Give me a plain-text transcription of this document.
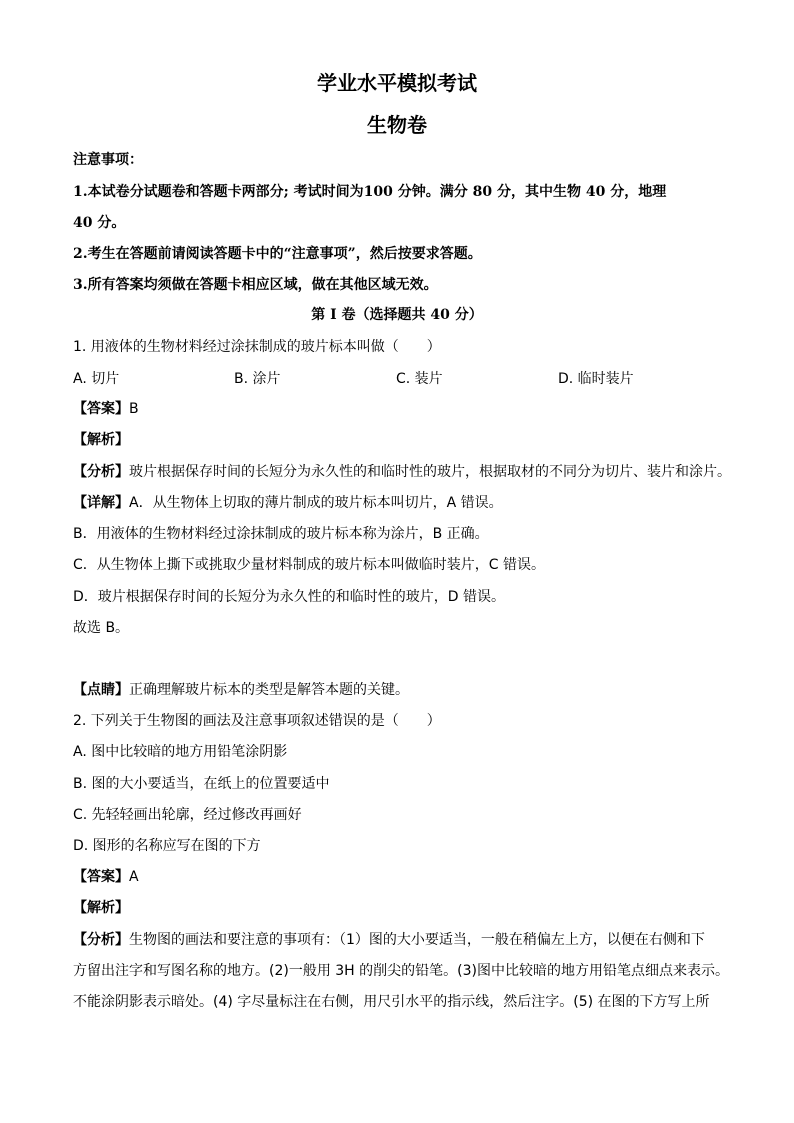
学业水平模拟考试
生物卷
注意事项：
1.本试卷分试题卷和答题卡两部分; 考试时间为100 分钟。满分 80 分，其中生物 40 分，地理
40 分。
2.考生在答题前请阅读答题卡中的“注意事项”，然后按要求答题。
3.所有答案均须做在答题卡相应区域，做在其他区域无效。
第 I 卷（选择题共 40 分）
1. 用液体的生物材料经过涂抹制成的玻片标本叫做（　　）
A. 切片	B. 涂片	C. 装片	D. 临时装片
【答案】B
【解析】
【分析】玻片根据保存时间的长短分为永久性的和临时性的玻片，根据取材的不同分为切片、装片和涂片。
【详解】A．从生物体上切取的薄片制成的玻片标本叫切片，A 错误。
B．用液体的生物材料经过涂抹制成的玻片标本称为涂片，B 正确。
C．从生物体上撕下或挑取少量材料制成的玻片标本叫做临时装片，C 错误。
D．玻片根据保存时间的长短分为永久性的和临时性的玻片，D 错误。
故选 B。
【点睛】正确理解玻片标本的类型是解答本题的关键。
2. 下列关于生物图的画法及注意事项叙述错误的是（　　）
A. 图中比较暗的地方用铅笔涂阴影
B. 图的大小要适当，在纸上的位置要适中
C. 先轻轻画出轮廓，经过修改再画好
D. 图形的名称应写在图的下方
【答案】A
【解析】
【分析】生物图的画法和要注意的事项有：（1）图的大小要适当，一般在稍偏左上方，以便在右侧和下
方留出注字和写图名称的地方。(2)一般用 3H 的削尖的铅笔。(3)图中比较暗的地方用铅笔点细点来表示。
不能涂阴影表示暗处。(4) 字尽量标注在右侧，用尺引水平的指示线，然后注字。(5) 在图的下方写上所
